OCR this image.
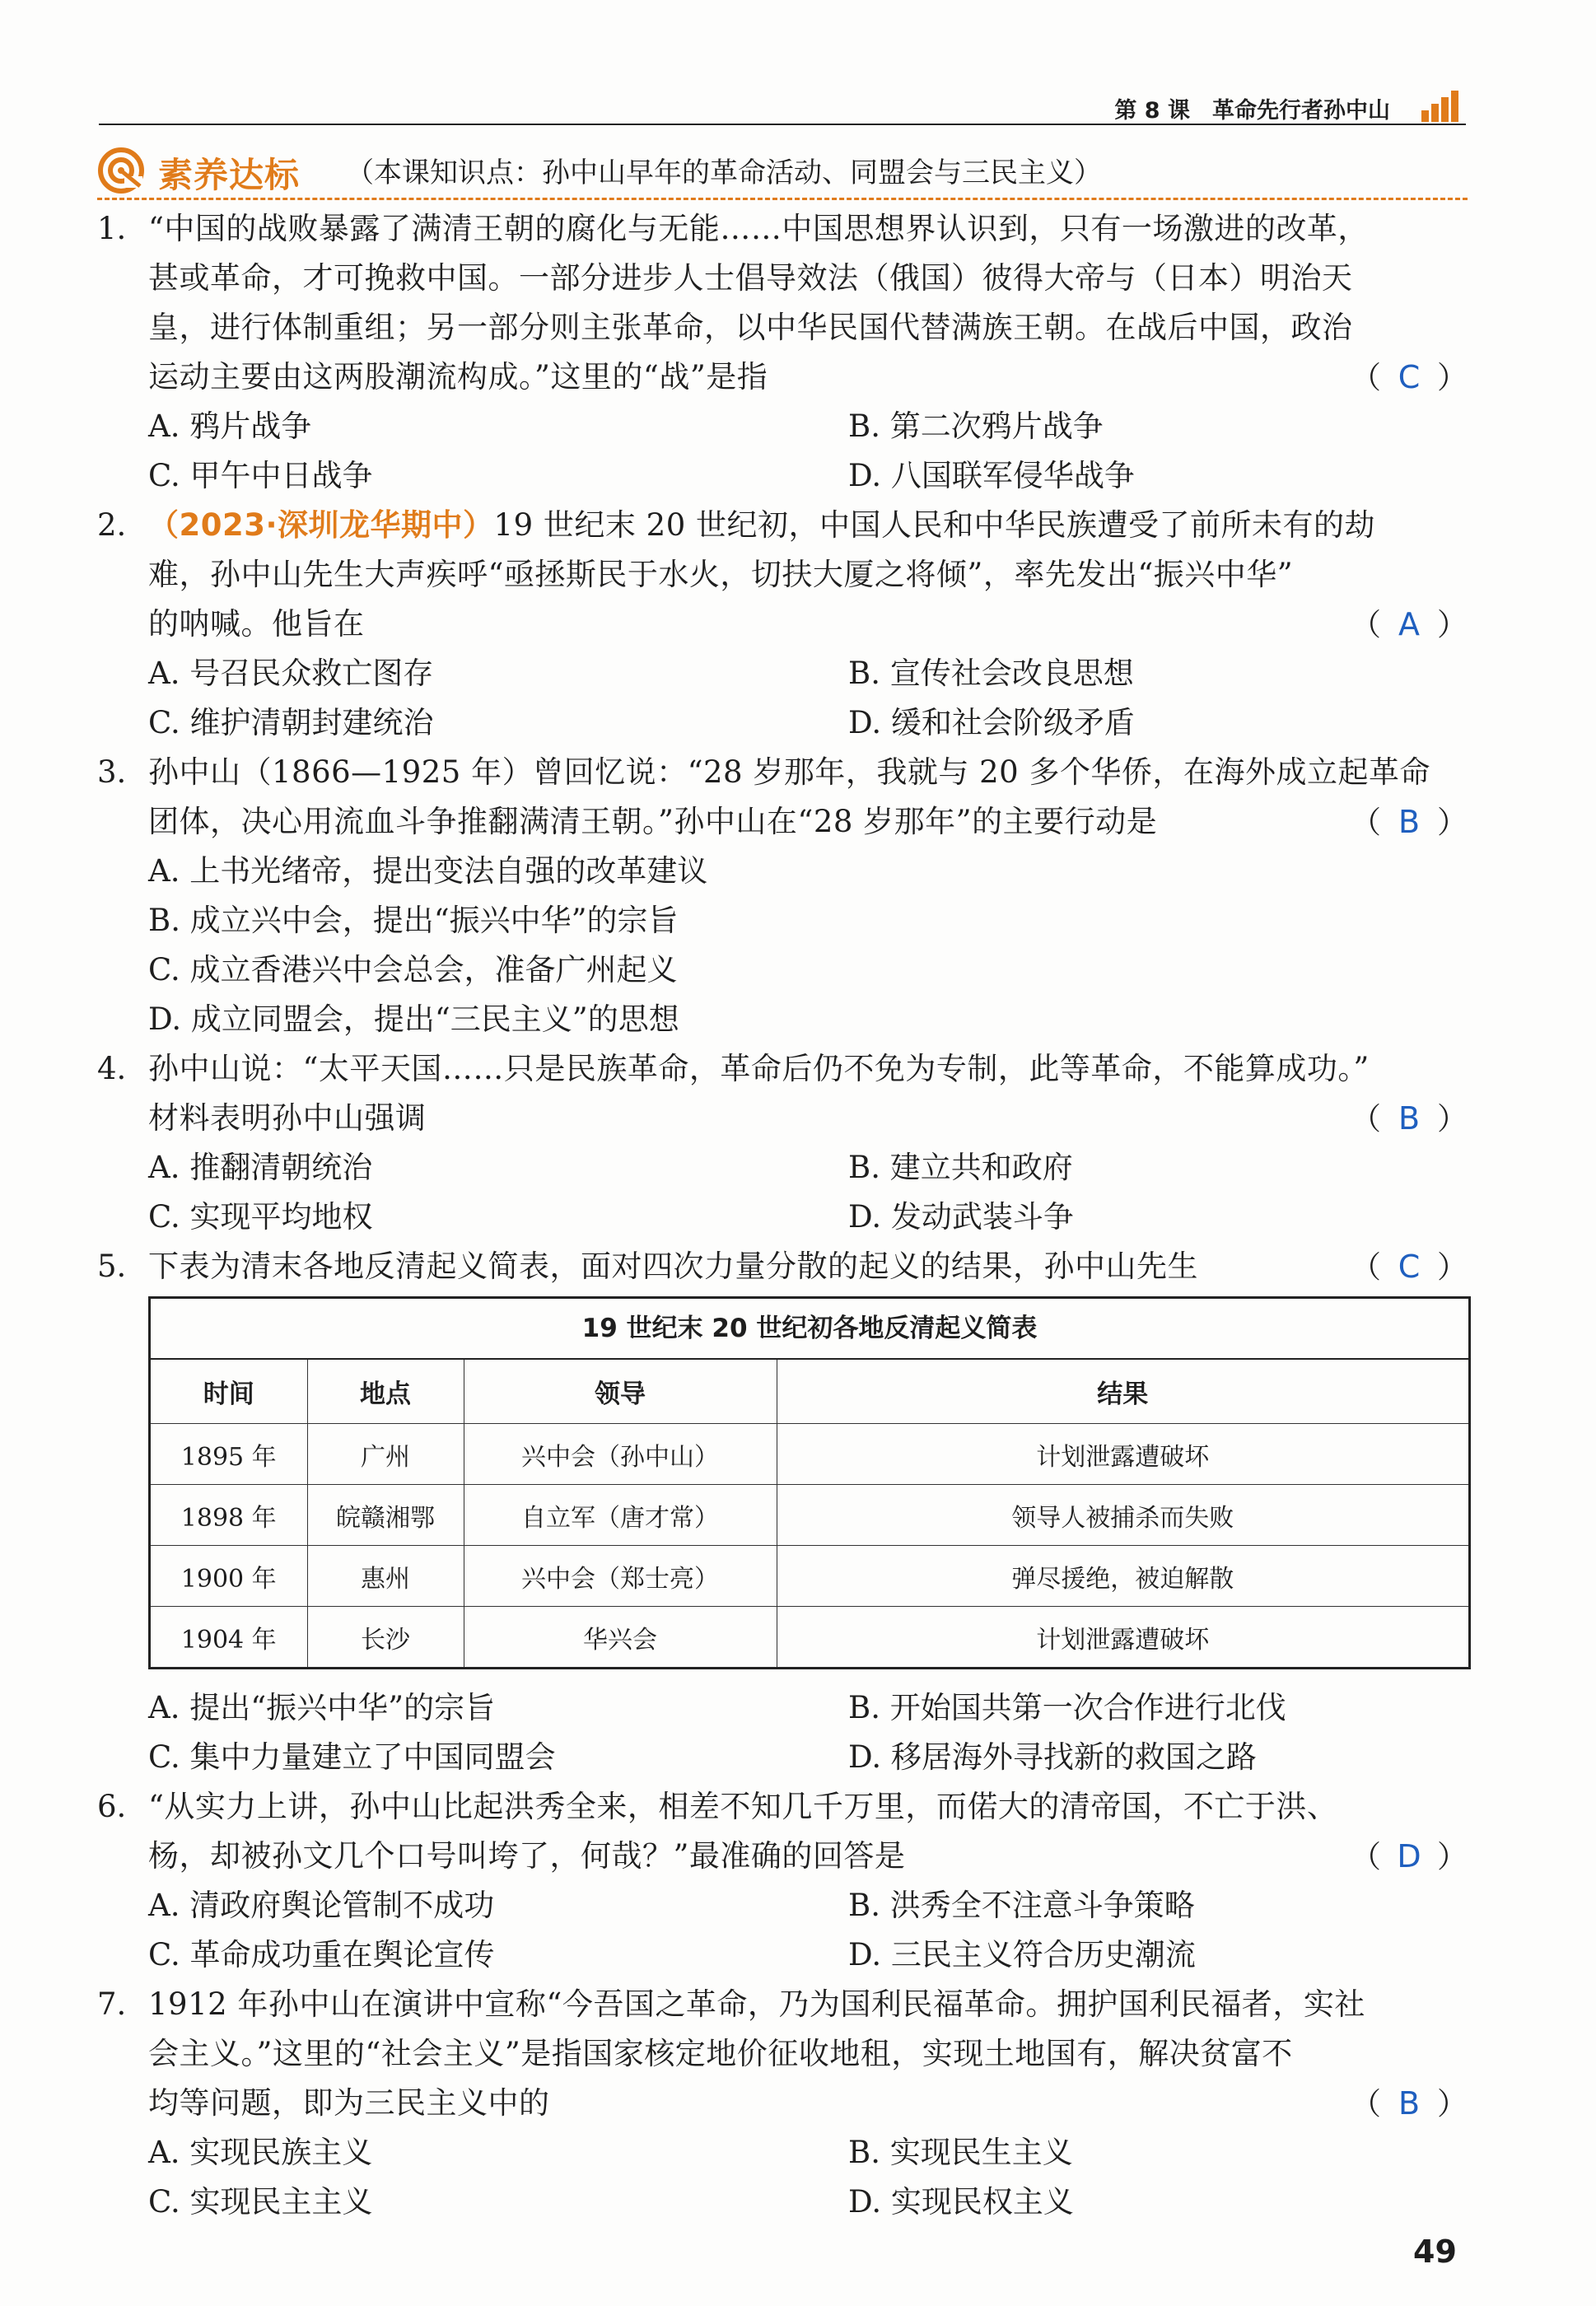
第 8 课　革命先行者孙中山
素养达标 （本课知识点：孙中山早年的革命活动、同盟会与三民主义）
1. “中国的战败暴露了满清王朝的腐化与无能……中国思想界认识到，只有一场激进的改革，
甚或革命，才可挽救中国。一部分进步人士倡导效法（俄国）彼得大帝与（日本）明治天
皇，进行体制重组；另一部分则主张革命，以中华民国代替满族王朝。在战后中国，政治
运动主要由这两股潮流构成。”这里的“战”是指	（ C ）
A. 鸦片战争	B. 第二次鸦片战争
C. 甲午中日战争	D. 八国联军侵华战争
2. （2023·深圳龙华期中）19 世纪末 20 世纪初，中国人民和中华民族遭受了前所未有的劫
难，孙中山先生大声疾呼“亟拯斯民于水火，切扶大厦之将倾”，率先发出“振兴中华”
的呐喊。他旨在	（ A ）
A. 号召民众救亡图存	B. 宣传社会改良思想
C. 维护清朝封建统治	D. 缓和社会阶级矛盾
3. 孙中山（1866—1925 年）曾回忆说：“28 岁那年，我就与 20 多个华侨，在海外成立起革命
团体，决心用流血斗争推翻满清王朝。”孙中山在“28 岁那年”的主要行动是	（ B ）
A. 上书光绪帝，提出变法自强的改革建议
B. 成立兴中会，提出“振兴中华”的宗旨
C. 成立香港兴中会总会，准备广州起义
D. 成立同盟会，提出“三民主义”的思想
4. 孙中山说：“太平天国……只是民族革命，革命后仍不免为专制，此等革命，不能算成功。”
材料表明孙中山强调	（ B ）
A. 推翻清朝统治	B. 建立共和政府
C. 实现平均地权	D. 发动武装斗争
5. 下表为清末各地反清起义简表，面对四次力量分散的起义的结果，孙中山先生	（ C ）
19 世纪末 20 世纪初各地反清起义简表
时间	地点	领导	结果
1895 年	广州	兴中会（孙中山）	计划泄露遭破坏
1898 年	皖赣湘鄂	自立军（唐才常）	领导人被捕杀而失败
1900 年	惠州	兴中会（郑士亮）	弹尽援绝，被迫解散
1904 年	长沙	华兴会	计划泄露遭破坏
A. 提出“振兴中华”的宗旨	B. 开始国共第一次合作进行北伐
C. 集中力量建立了中国同盟会	D. 移居海外寻找新的救国之路
6. “从实力上讲，孙中山比起洪秀全来，相差不知几千万里，而偌大的清帝国，不亡于洪、
杨，却被孙文几个口号叫垮了，何哉？”最准确的回答是	（ D ）
A. 清政府舆论管制不成功	B. 洪秀全不注意斗争策略
C. 革命成功重在舆论宣传	D. 三民主义符合历史潮流
7. 1912 年孙中山在演讲中宣称“今吾国之革命，乃为国利民福革命。拥护国利民福者，实社
会主义。”这里的“社会主义”是指国家核定地价征收地租，实现土地国有，解决贫富不
均等问题，即为三民主义中的	（ B ）
A. 实现民族主义	B. 实现民生主义
C. 实现民主主义	D. 实现民权主义
49
